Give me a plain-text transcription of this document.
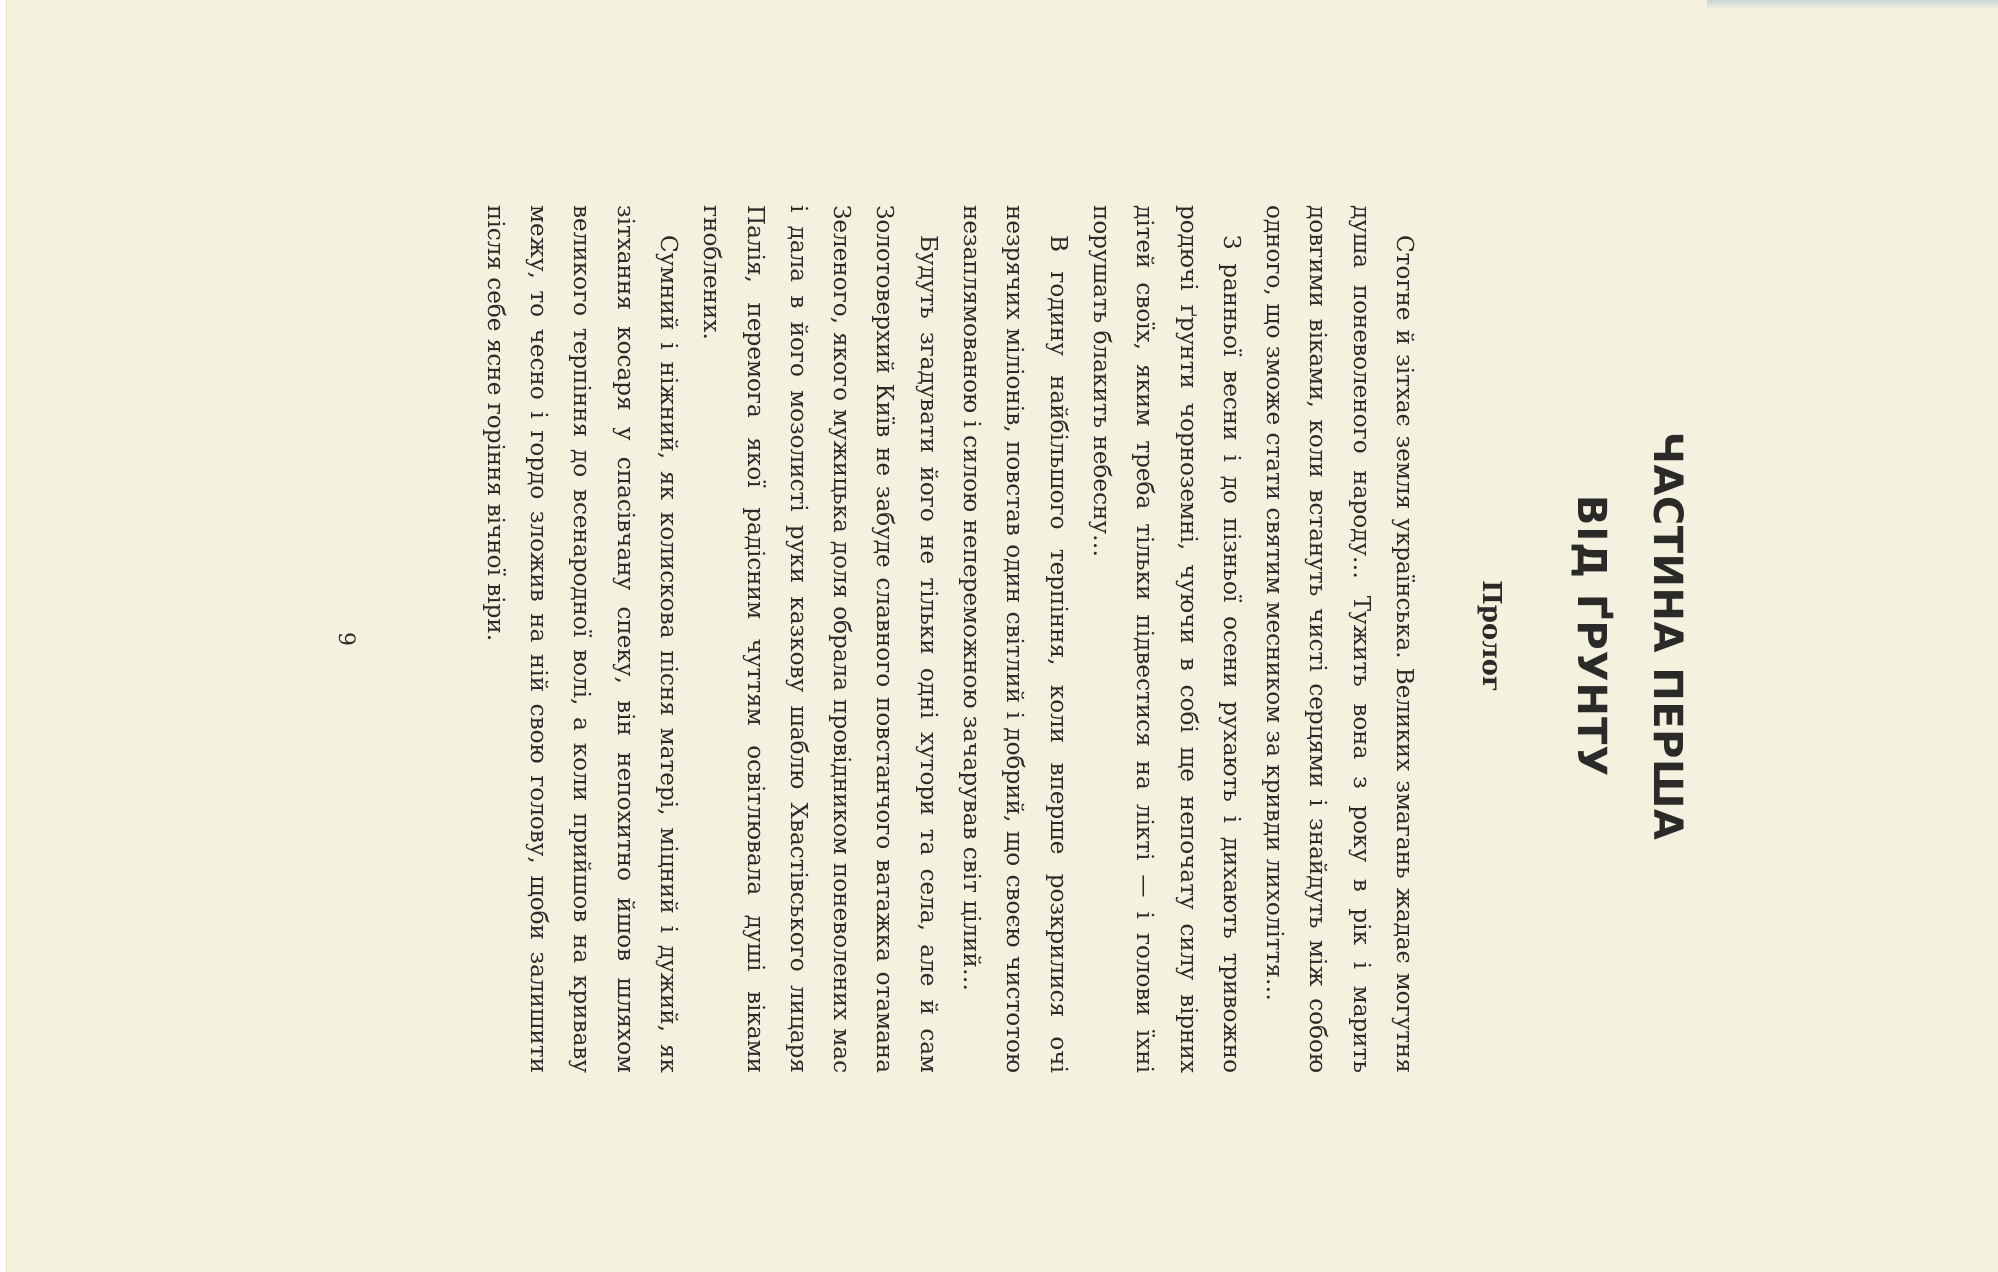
ЧАСТИНА ПЕРША
ВІД ҐРУНТУ
Пролог

Стогне й зітхає земля українська. Великих змагань жадає могутня душа поневоленого народу… Тужить вона з року в рік і марить довгими віками, коли встануть чисті серцями і знайдуть між собою одного, що зможе стати святим месником за кривди лихоліття…

З ранньої весни і до пізньої осени рухають і дихають тривожно родючі ґрунти чорноземні, чуючи в собі ще непочату силу вірних дітей своїх, яким треба тільки підвестися на лікті — і голови їхні порушать блакить небесну…

В годину найбільшого терпіння, коли вперше розкрилися очі незрячих міліонів, повстав один світлий і добрий, що своєю чистотою незаплямованою і силою непереможною зачарував світ цілий…

Будуть згадувати його не тільки одні хутори та села, але й сам Золотоверхий Київ не забуде славного повстанчого ватажка отамана Зеленого, якого мужицька доля обрала провідником поневолених мас і дала в його мозолисті руки казкову шаблю Хвастівського лицаря Палія, перемога якої радісним чуттям освітлювала душі віками гноблених.

Сумний і ніжний, як колискова пісня матері, міцний і дужий, як зітхання косаря у спасівчану спеку, він непохитно йшов шляхом великого терпіння до всенародної волі, а коли прийшов на криваву межу, то чесно і гордо зложив на ній свою голову, щоби залишити після себе ясне горіння вічної віри.

9
